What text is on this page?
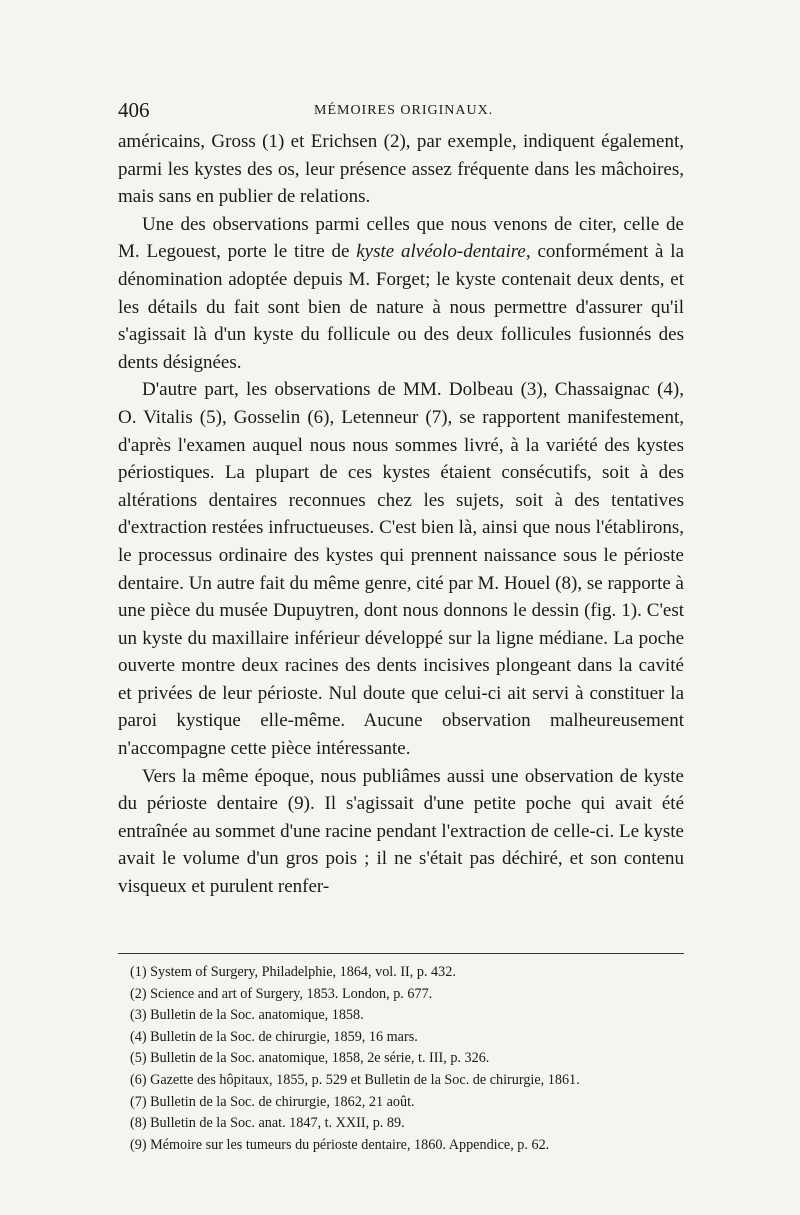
406	MÉMOIRES ORIGINAUX.

américains, Gross (1) et Erichsen (2), par exemple, indiquent également, parmi les kystes des os, leur présence assez fréquente dans les mâchoires, mais sans en publier de relations.

Une des observations parmi celles que nous venons de citer, celle de M. Legouest, porte le titre de kyste alvéolo-dentaire, conformément à la dénomination adoptée depuis M. Forget; le kyste contenait deux dents, et les détails du fait sont bien de nature à nous permettre d'assurer qu'il s'agissait là d'un kyste du follicule ou des deux follicules fusionnés des dents désignées.

D'autre part, les observations de MM. Dolbeau (3), Chassaignac (4), O. Vitalis (5), Gosselin (6), Letenneur (7), se rapportent manifestement, d'après l'examen auquel nous nous sommes livré, à la variété des kystes périostiques. La plupart de ces kystes étaient consécutifs, soit à des altérations dentaires reconnues chez les sujets, soit à des tentatives d'extraction restées infructueuses. C'est bien là, ainsi que nous l'établirons, le processus ordinaire des kystes qui prennent naissance sous le périoste dentaire. Un autre fait du même genre, cité par M. Houel (8), se rapporte à une pièce du musée Dupuytren, dont nous donnons le dessin (fig. 1). C'est un kyste du maxillaire inférieur développé sur la ligne médiane. La poche ouverte montre deux racines des dents incisives plongeant dans la cavité et privées de leur périoste. Nul doute que celui-ci ait servi à constituer la paroi kystique elle-même. Aucune observation malheureusement n'accompagne cette pièce intéressante.

Vers la même époque, nous publiâmes aussi une observation de kyste du périoste dentaire (9). Il s'agissait d'une petite poche qui avait été entraînée au sommet d'une racine pendant l'extraction de celle-ci. Le kyste avait le volume d'un gros pois ; il ne s'était pas déchiré, et son contenu visqueux et purulent renfer-

(1) System of Surgery, Philadelphie, 1864, vol. II, p. 432.
(2) Science and art of Surgery, 1853. London, p. 677.
(3) Bulletin de la Soc. anatomique, 1858.
(4) Bulletin de la Soc. de chirurgie, 1859, 16 mars.
(5) Bulletin de la Soc. anatomique, 1858, 2e série, t. III, p. 326.
(6) Gazette des hôpitaux, 1855, p. 529 et Bulletin de la Soc. de chirurgie, 1861.
(7) Bulletin de la Soc. de chirurgie, 1862, 21 août.
(8) Bulletin de la Soc. anat. 1847, t. XXII, p. 89.
(9) Mémoire sur les tumeurs du périoste dentaire, 1860. Appendice, p. 62.
